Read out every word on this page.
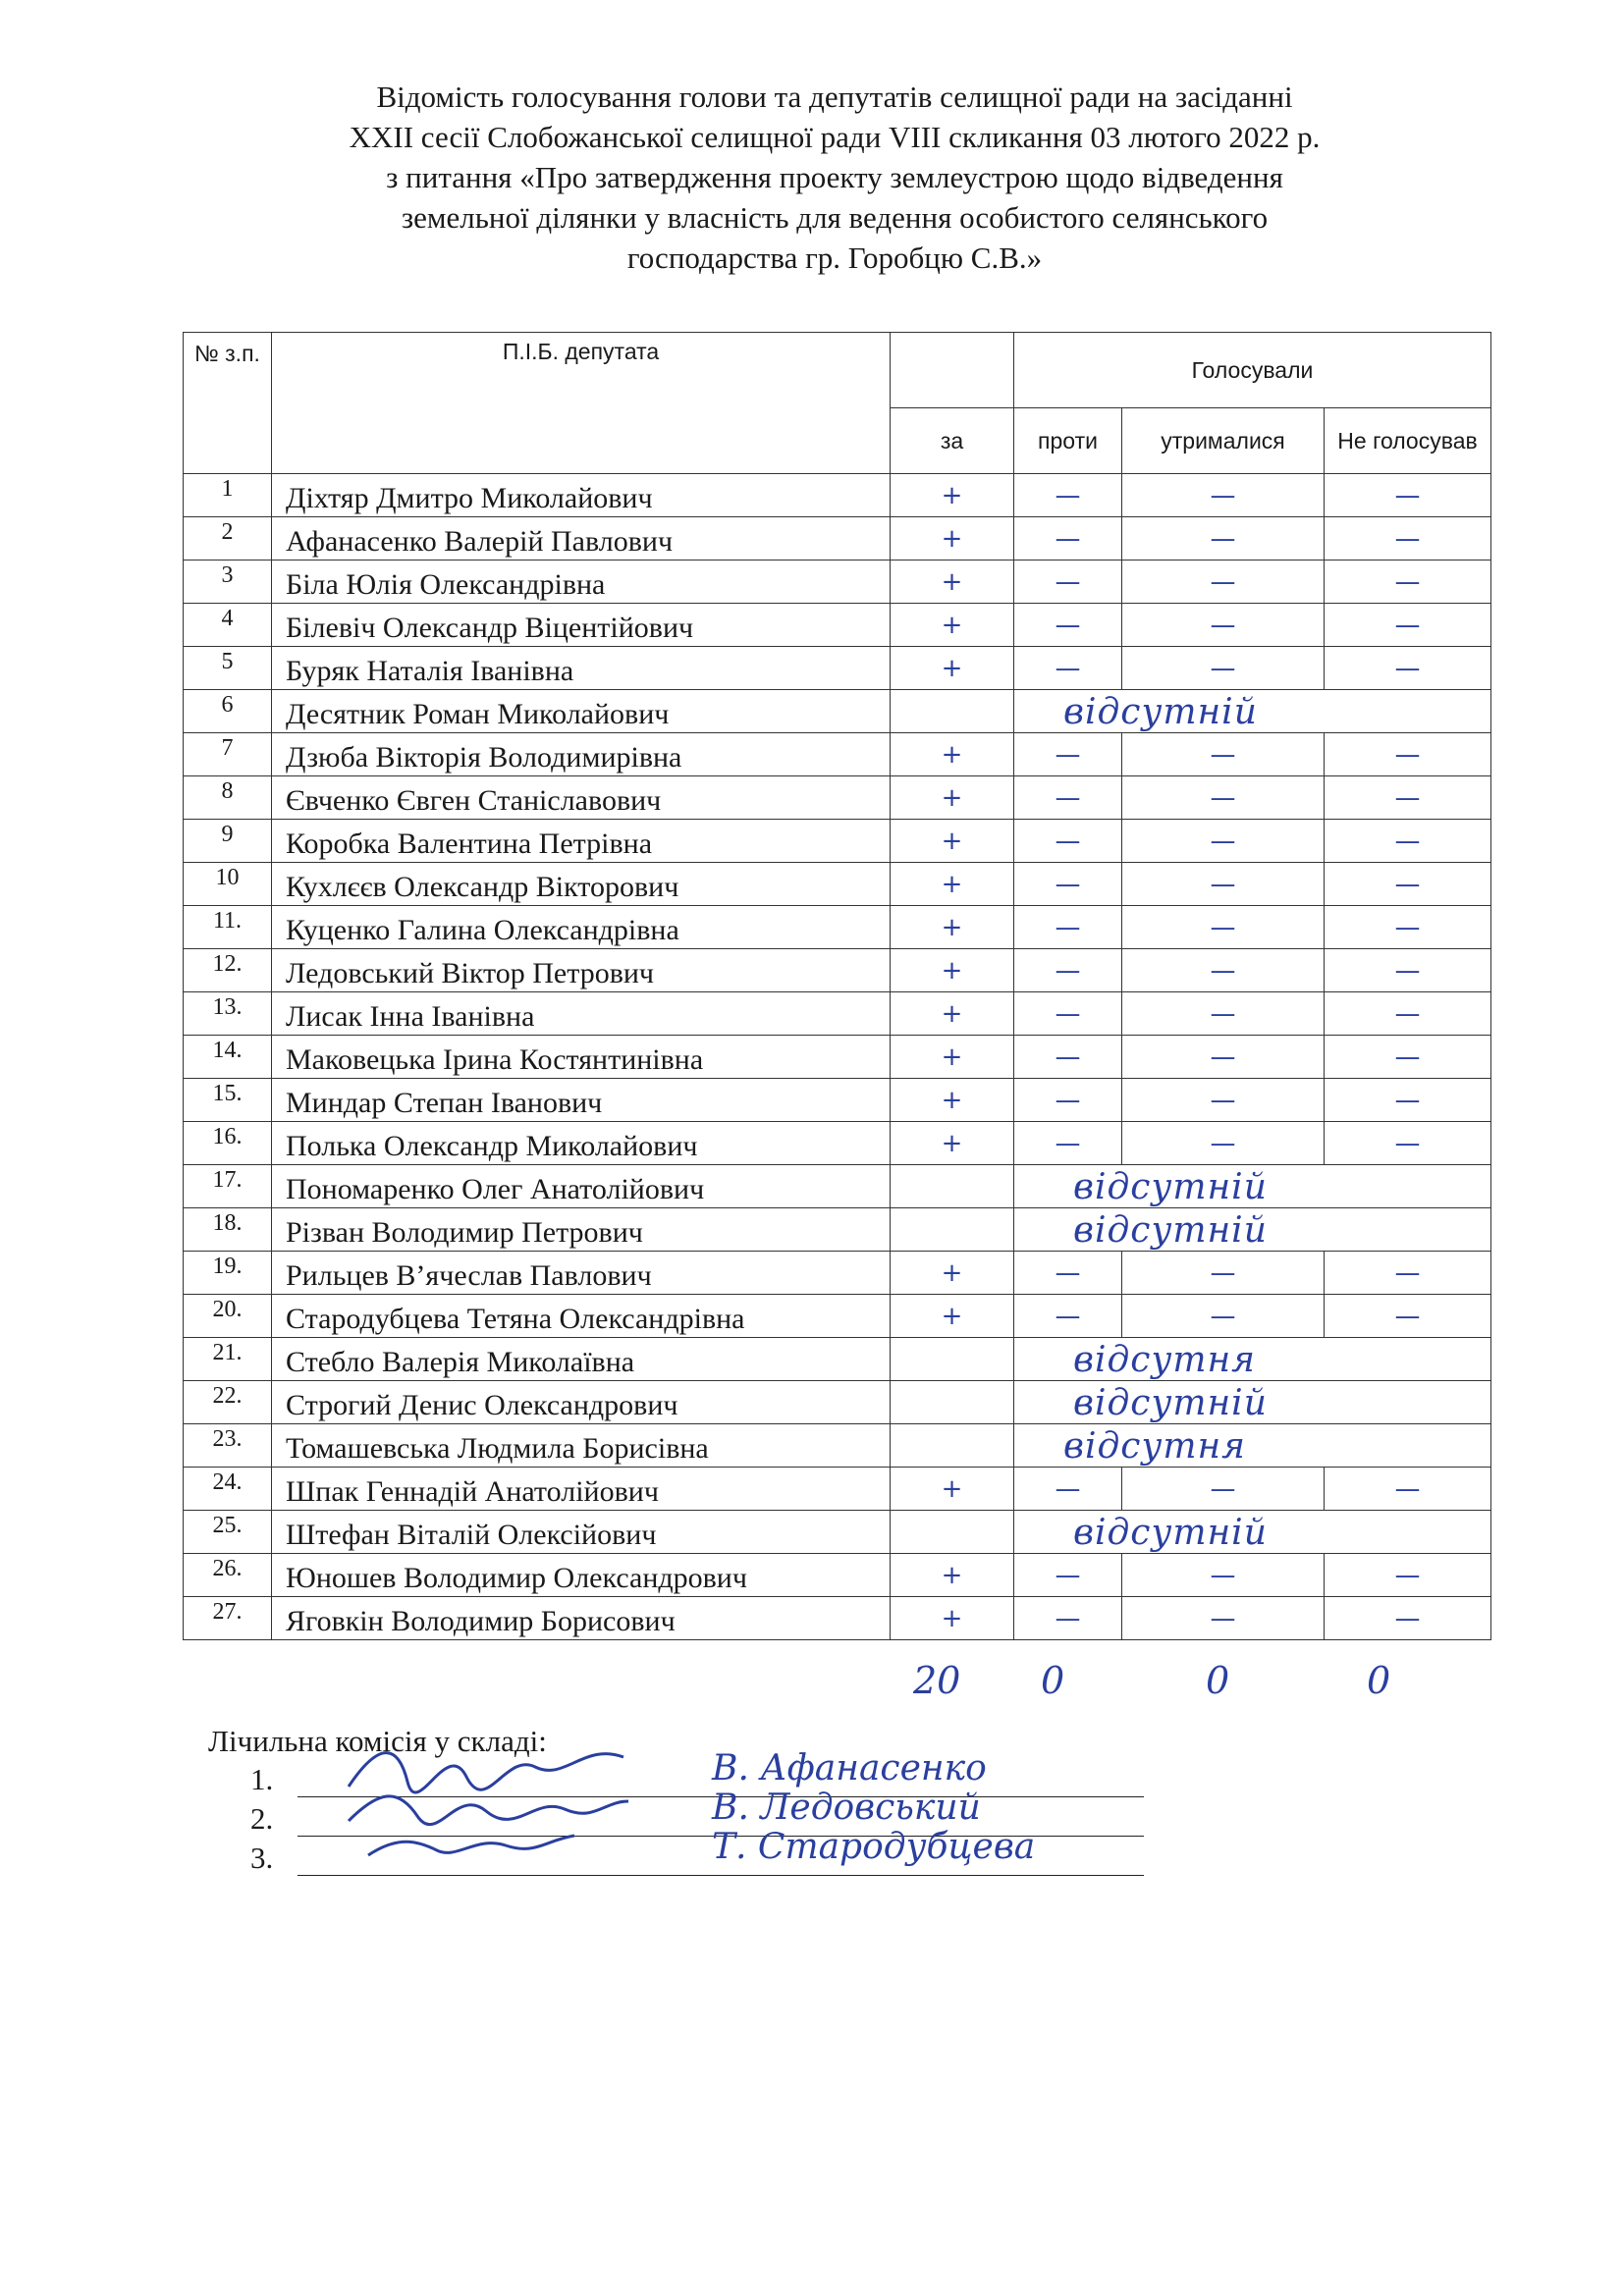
Відомість голосування голови та депутатів селищної ради на засіданні
XXII сесії Слобожанської селищної ради VIII скликання 03 лютого 2022 р.
з питання «Про затвердження проекту землеустрою щодо відведення
земельної ділянки у власність для ведення особистого селянського
господарства гр. Горобцю С.В.»
№ з.п.	П.І.Б. депутата		Голосували		
		за	проти	утрималися	Не голосував
1	Діхтяр Дмитро Миколайович	+	—	—	—
2	Афанасенко Валерій Павлович	+	—	—	—
3	Біла Юлія Олександрівна	+	—	—	—
4	Білевіч Олександр Віцентійович	+	—	—	—
5	Буряк Наталія Іванівна	+	—	—	—
6	Десятник Роман Миколайович		відсутній		

7	Дзюба Вікторія Володимирівна	+	—	—	—
8	Євченко Євген Станіславович	+	—	—	—
9	Коробка Валентина Петрівна	+	—	—	—
10	Кухлєєв Олександр Вікторович	+	—	—	—
11.	Куценко Галина Олександрівна	+	—	—	—
12.	Ледовський Віктор Петрович	+	—	—	—
13.	Лисак Інна Іванівна	+	—	—	—
14.	Маковецька Ірина Костянтинівна	+	—	—	—
15.	Миндар Степан Іванович	+	—	—	—
16.	Полька Олександр Миколайович	+	—	—	—
17.	Пономаренко Олег Анатолійович		відсутній		

18.	Різван Володимир Петрович		відсутній		

19.	Рильцев В’ячеслав Павлович	+	—	—	—
20.	Стародубцева Тетяна Олександрівна	+	—	—	—
21.	Стебло Валерія Миколаївна		відсутня		

22.	Строгий Денис Олександрович		відсутній		

23.	Томашевська Людмила Борисівна		відсутня		

24.	Шпак Геннадій Анатолійович	+	—	—	—
25.	Штефан Віталій Олексійович		відсутній		

26.	Юношев Володимир Олександрович	+	—	—	—
27.	Яговкін Володимир Борисович	+	—	—	—
20 0	0	0
Лічильна комісія у складі:
1.	В. Афанасенко
2.	В. Ледовський
3.	Т. Стародубцева
